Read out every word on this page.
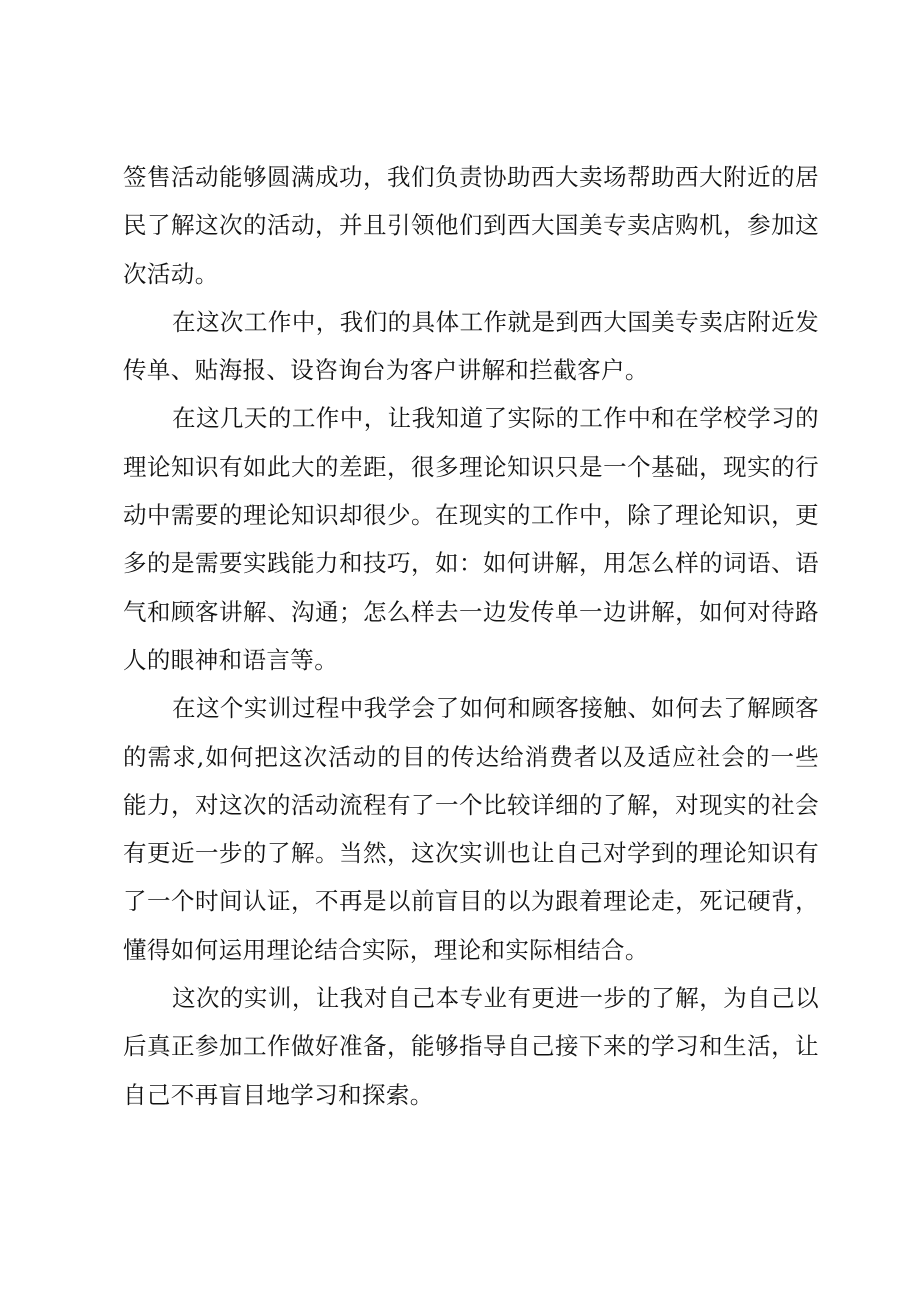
签售活动能够圆满成功，我们负责协助西大卖场帮助西大附近的居民了解这次的活动，并且引领他们到西大国美专卖店购机，参加这次活动。

在这次工作中，我们的具体工作就是到西大国美专卖店附近发传单、贴海报、设咨询台为客户讲解和拦截客户。

在这几天的工作中，让我知道了实际的工作中和在学校学习的理论知识有如此大的差距，很多理论知识只是一个基础，现实的行动中需要的理论知识却很少。在现实的工作中，除了理论知识，更多的是需要实践能力和技巧，如：如何讲解，用怎么样的词语、语气和顾客讲解、沟通；怎么样去一边发传单一边讲解，如何对待路人的眼神和语言等。

在这个实训过程中我学会了如何和顾客接触、如何去了解顾客的需求,如何把这次活动的目的传达给消费者以及适应社会的一些能力，对这次的活动流程有了一个比较详细的了解，对现实的社会有更近一步的了解。当然，这次实训也让自己对学到的理论知识有了一个时间认证，不再是以前盲目的以为跟着理论走，死记硬背，懂得如何运用理论结合实际，理论和实际相结合。

这次的实训，让我对自己本专业有更进一步的了解，为自己以后真正参加工作做好准备，能够指导自己接下来的学习和生活，让自己不再盲目地学习和探索。
